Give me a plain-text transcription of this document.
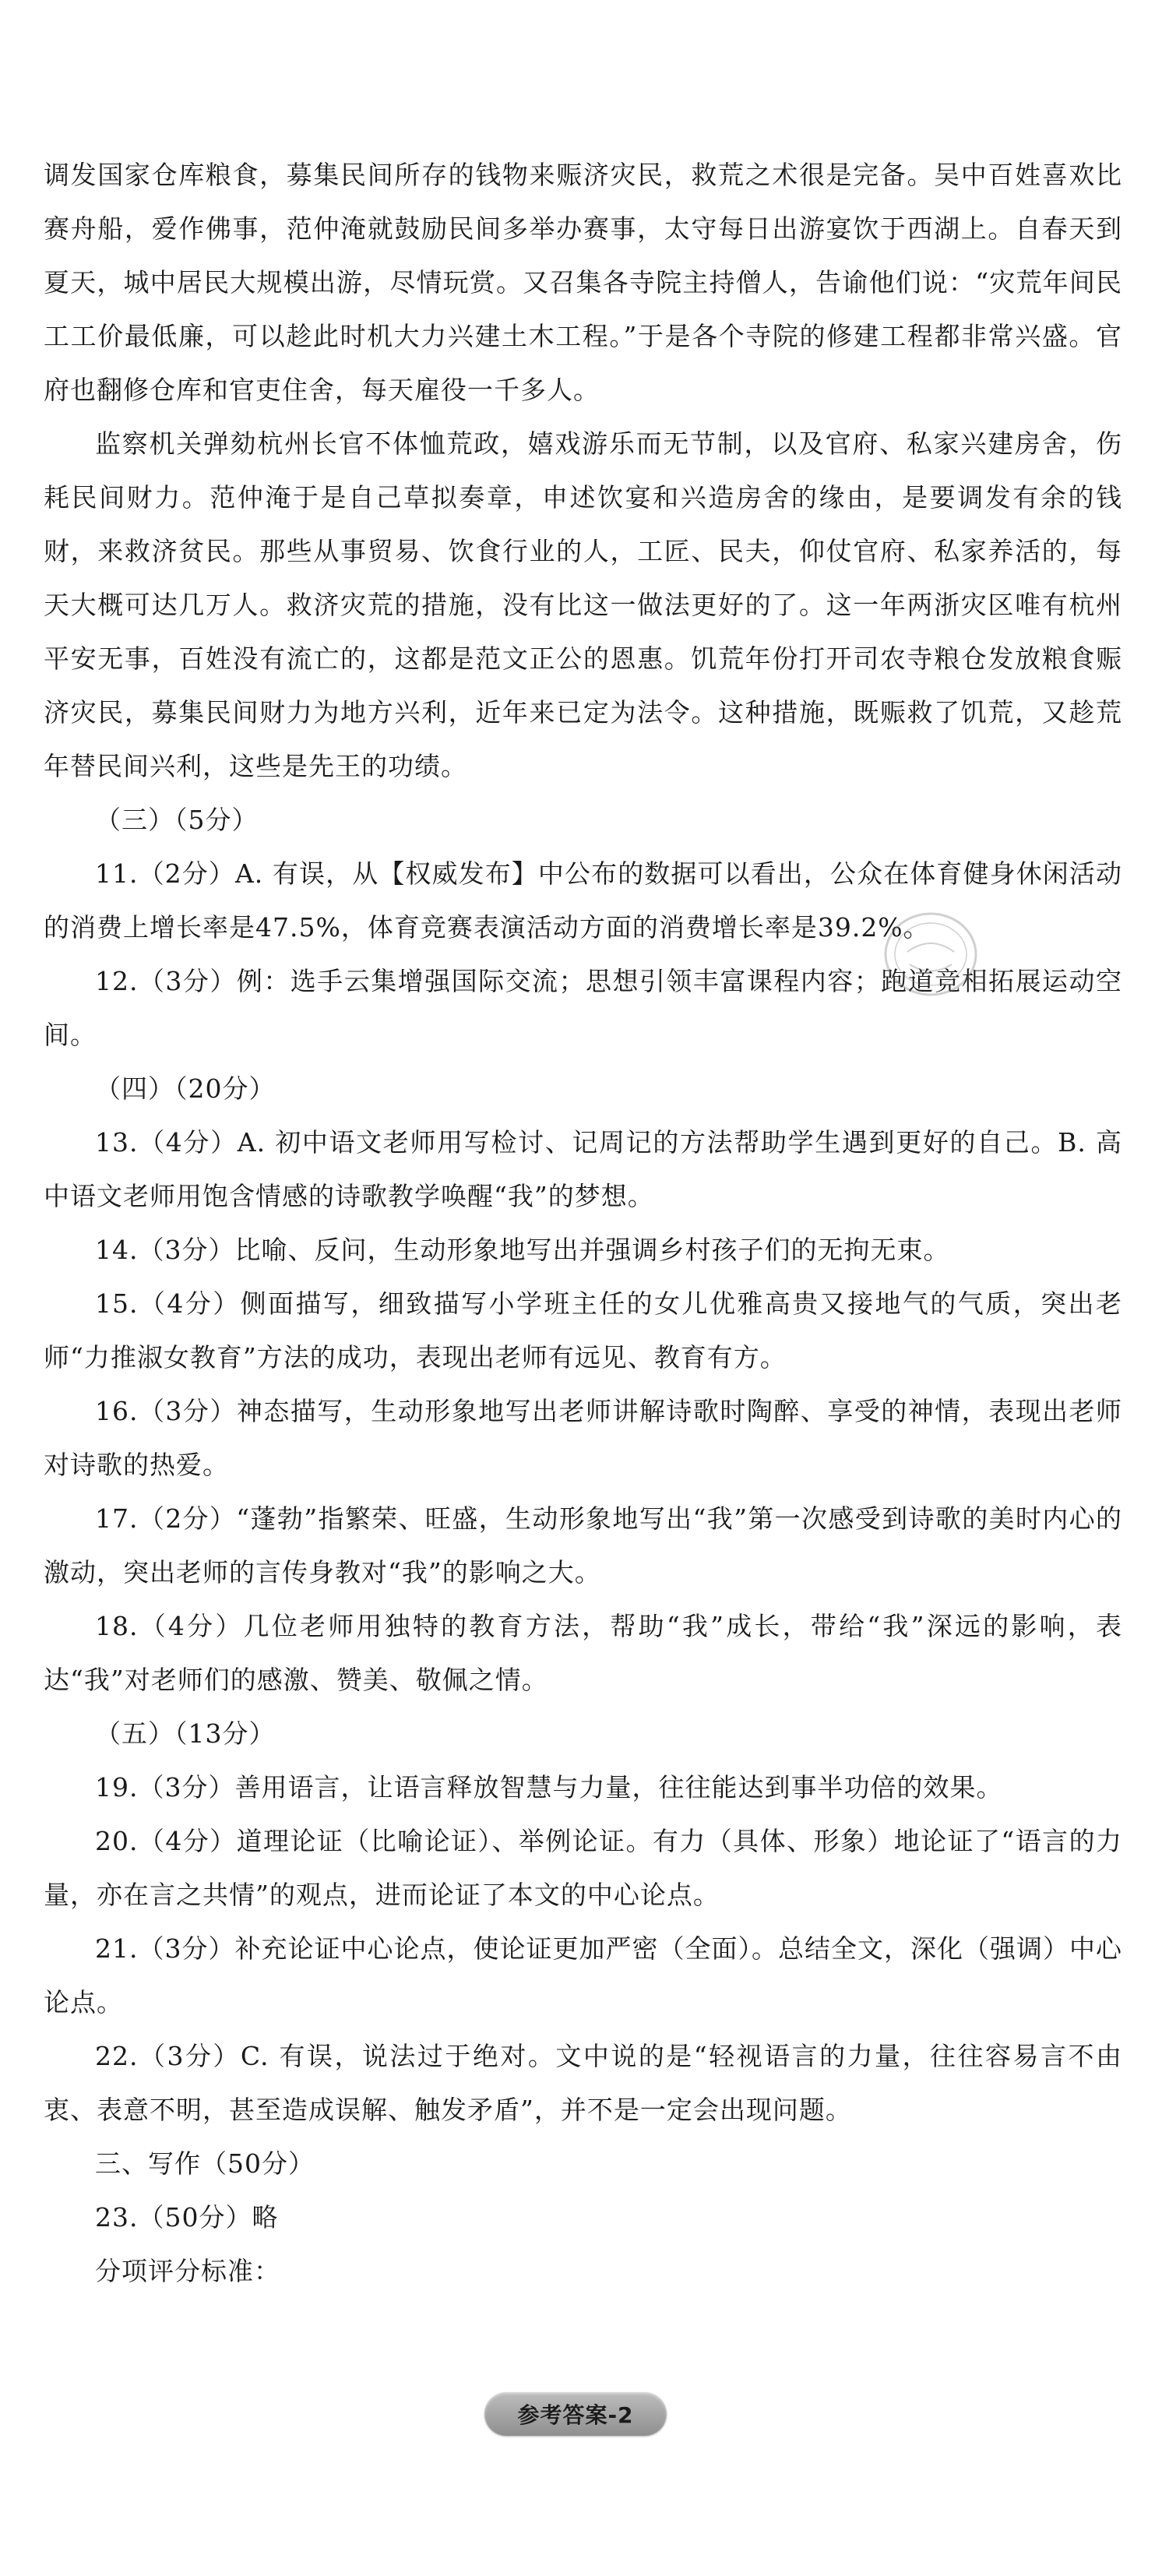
调发国家仓库粮食，募集民间所存的钱物来赈济灾民，救荒之术很是完备。吴中百姓喜欢比赛舟船，爱作佛事，范仲淹就鼓励民间多举办赛事，太守每日出游宴饮于西湖上。自春天到夏天，城中居民大规模出游，尽情玩赏。又召集各寺院主持僧人，告谕他们说：“灾荒年间民工工价最低廉，可以趁此时机大力兴建土木工程。”于是各个寺院的修建工程都非常兴盛。官府也翻修仓库和官吏住舍，每天雇役一千多人。

监察机关弹劾杭州长官不体恤荒政，嬉戏游乐而无节制，以及官府、私家兴建房舍，伤耗民间财力。范仲淹于是自己草拟奏章，申述饮宴和兴造房舍的缘由，是要调发有余的钱财，来救济贫民。那些从事贸易、饮食行业的人，工匠、民夫，仰仗官府、私家养活的，每天大概可达几万人。救济灾荒的措施，没有比这一做法更好的了。这一年两浙灾区唯有杭州平安无事，百姓没有流亡的，这都是范文正公的恩惠。饥荒年份打开司农寺粮仓发放粮食赈济灾民，募集民间财力为地方兴利，近年来已定为法令。这种措施，既赈救了饥荒，又趁荒年替民间兴利，这些是先王的功绩。

（三）（5分）

11.（2分）A. 有误，从【权威发布】中公布的数据可以看出，公众在体育健身休闲活动的消费上增长率是47.5%，体育竞赛表演活动方面的消费增长率是39.2%。

12.（3分）例：选手云集增强国际交流；思想引领丰富课程内容；跑道竞相拓展运动空间。

（四）（20分）

13.（4分）A. 初中语文老师用写检讨、记周记的方法帮助学生遇到更好的自己。B. 高中语文老师用饱含情感的诗歌教学唤醒“我”的梦想。

14.（3分）比喻、反问，生动形象地写出并强调乡村孩子们的无拘无束。

15.（4分）侧面描写，细致描写小学班主任的女儿优雅高贵又接地气的气质，突出老师“力推淑女教育”方法的成功，表现出老师有远见、教育有方。

16.（3分）神态描写，生动形象地写出老师讲解诗歌时陶醉、享受的神情，表现出老师对诗歌的热爱。

17.（2分）“蓬勃”指繁荣、旺盛，生动形象地写出“我”第一次感受到诗歌的美时内心的激动，突出老师的言传身教对“我”的影响之大。

18.（4分）几位老师用独特的教育方法，帮助“我”成长，带给“我”深远的影响，表达“我”对老师们的感激、赞美、敬佩之情。

（五）（13分）

19.（3分）善用语言，让语言释放智慧与力量，往往能达到事半功倍的效果。

20.（4分）道理论证（比喻论证）、举例论证。有力（具体、形象）地论证了“语言的力量，亦在言之共情”的观点，进而论证了本文的中心论点。

21.（3分）补充论证中心论点，使论证更加严密（全面）。总结全文，深化（强调）中心论点。

22.（3分）C. 有误，说法过于绝对。文中说的是“轻视语言的力量，往往容易言不由衷、表意不明，甚至造成误解、触发矛盾”，并不是一定会出现问题。

三、写作（50分）

23.（50分）略

分项评分标准：

参考答案-2
